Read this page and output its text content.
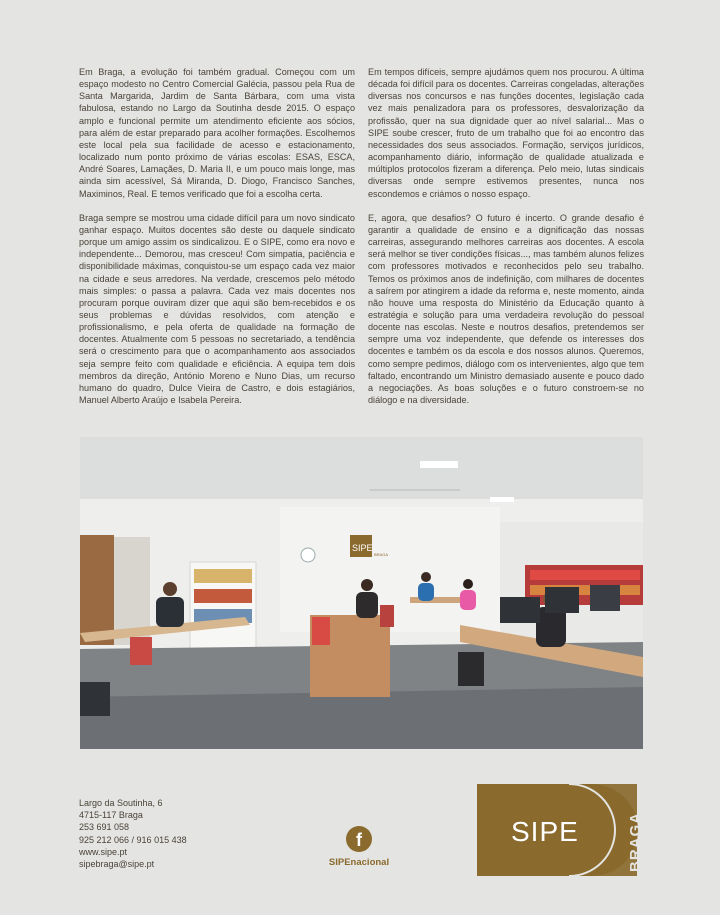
Em Braga, a evolução foi também gradual. Começou com um espaço modesto no Centro Comercial Galécia, passou pela Rua de Santa Margarida, Jardim de Santa Bárbara, com uma vista fabulosa, estando no Largo da Soutinha desde 2015. O espaço amplo e funcional permite um atendimento eficiente aos sócios, para além de estar preparado para acolher formações. Escolhemos este local pela sua facilidade de acesso e estacionamento, localizado num ponto próximo de várias escolas: ESAS, ESCA, André Soares, Lamaçães, D. Maria II, e um pouco mais longe, mas ainda sim acessível, Sá Miranda, D. Diogo, Francisco Sanches, Maximinos, Real. E temos verificado que foi a escolha certa.

Braga sempre se mostrou uma cidade difícil para um novo sindicato ganhar espaço. Muitos docentes são deste ou daquele sindicato porque um amigo assim os sindicalizou. E o SIPE, como era novo e independente... Demorou, mas cresceu! Com simpatia, paciência e disponibilidade máximas, conquistou-se um espaço cada vez maior na cidade e seus arredores. Na verdade, crescemos pelo método mais simples: o passa a palavra. Cada vez mais docentes nos procuram porque ouviram dizer que aqui são bem-recebidos e os seus problemas e dúvidas resolvidos, com atenção e profissionalismo, e pela oferta de qualidade na formação de docentes. Atualmente com 5 pessoas no secretariado, a tendência será o crescimento para que o acompanhamento aos associados seja sempre feito com qualidade e eficiência. A equipa tem dois membros da direção, António Moreno e Nuno Dias, um recurso humano do quadro, Dulce Vieira de Castro, e dois estagiários, Manuel Alberto Araújo e Isabela Pereira.

Em tempos difíceis, sempre ajudámos quem nos procurou. A última década foi difícil para os docentes. Carreiras congeladas, alterações diversas nos concursos e nas funções docentes, legislação cada vez mais penalizadora para os professores, desvalorização da profissão, quer na sua dignidade quer ao nível salarial... Mas o SIPE soube crescer, fruto de um trabalho que foi ao encontro das necessidades dos seus associados. Formação, serviços jurídicos, acompanhamento diário, informação de qualidade atualizada e múltiplos protocolos fizeram a diferença. Pelo meio, lutas sindicais diversas onde sempre estivemos presentes, nunca nos escondemos e criámos o nosso espaço.

E, agora, que desafios? O futuro é incerto. O grande desafio é garantir a qualidade de ensino e a dignificação das nossas carreiras, assegurando melhores carreiras aos docentes. A escola será melhor se tiver condições físicas..., mas também alunos felizes com professores motivados e reconhecidos pelo seu trabalho. Temos os próximos anos de indefinição, com milhares de docentes a saírem por atingirem a idade da reforma e, neste momento, ainda não houve uma resposta do Ministério da Educação quanto à estratégia e solução para uma verdadeira revolução do pessoal docente nas escolas. Neste e noutros desafios, pretendemos ser sempre uma voz independente, que defende os interesses dos docentes e também os da escola e dos nossos alunos. Queremos, como sempre pedimos, diálogo com os intervenientes, algo que tem faltado, encontrando um Ministro demasiado ausente e pouco dado a negociações. As boas soluções e o futuro constroem-se no diálogo e na diversidade.

SIPE
BRAGA
Largo da Soutinha, 6
4715-117 Braga
253 691 058
925 212 066 / 916 015 438
www.sipe.pt
sipebraga@sipe.pt
f
SIPEnacional
SIPE	BRAGA
